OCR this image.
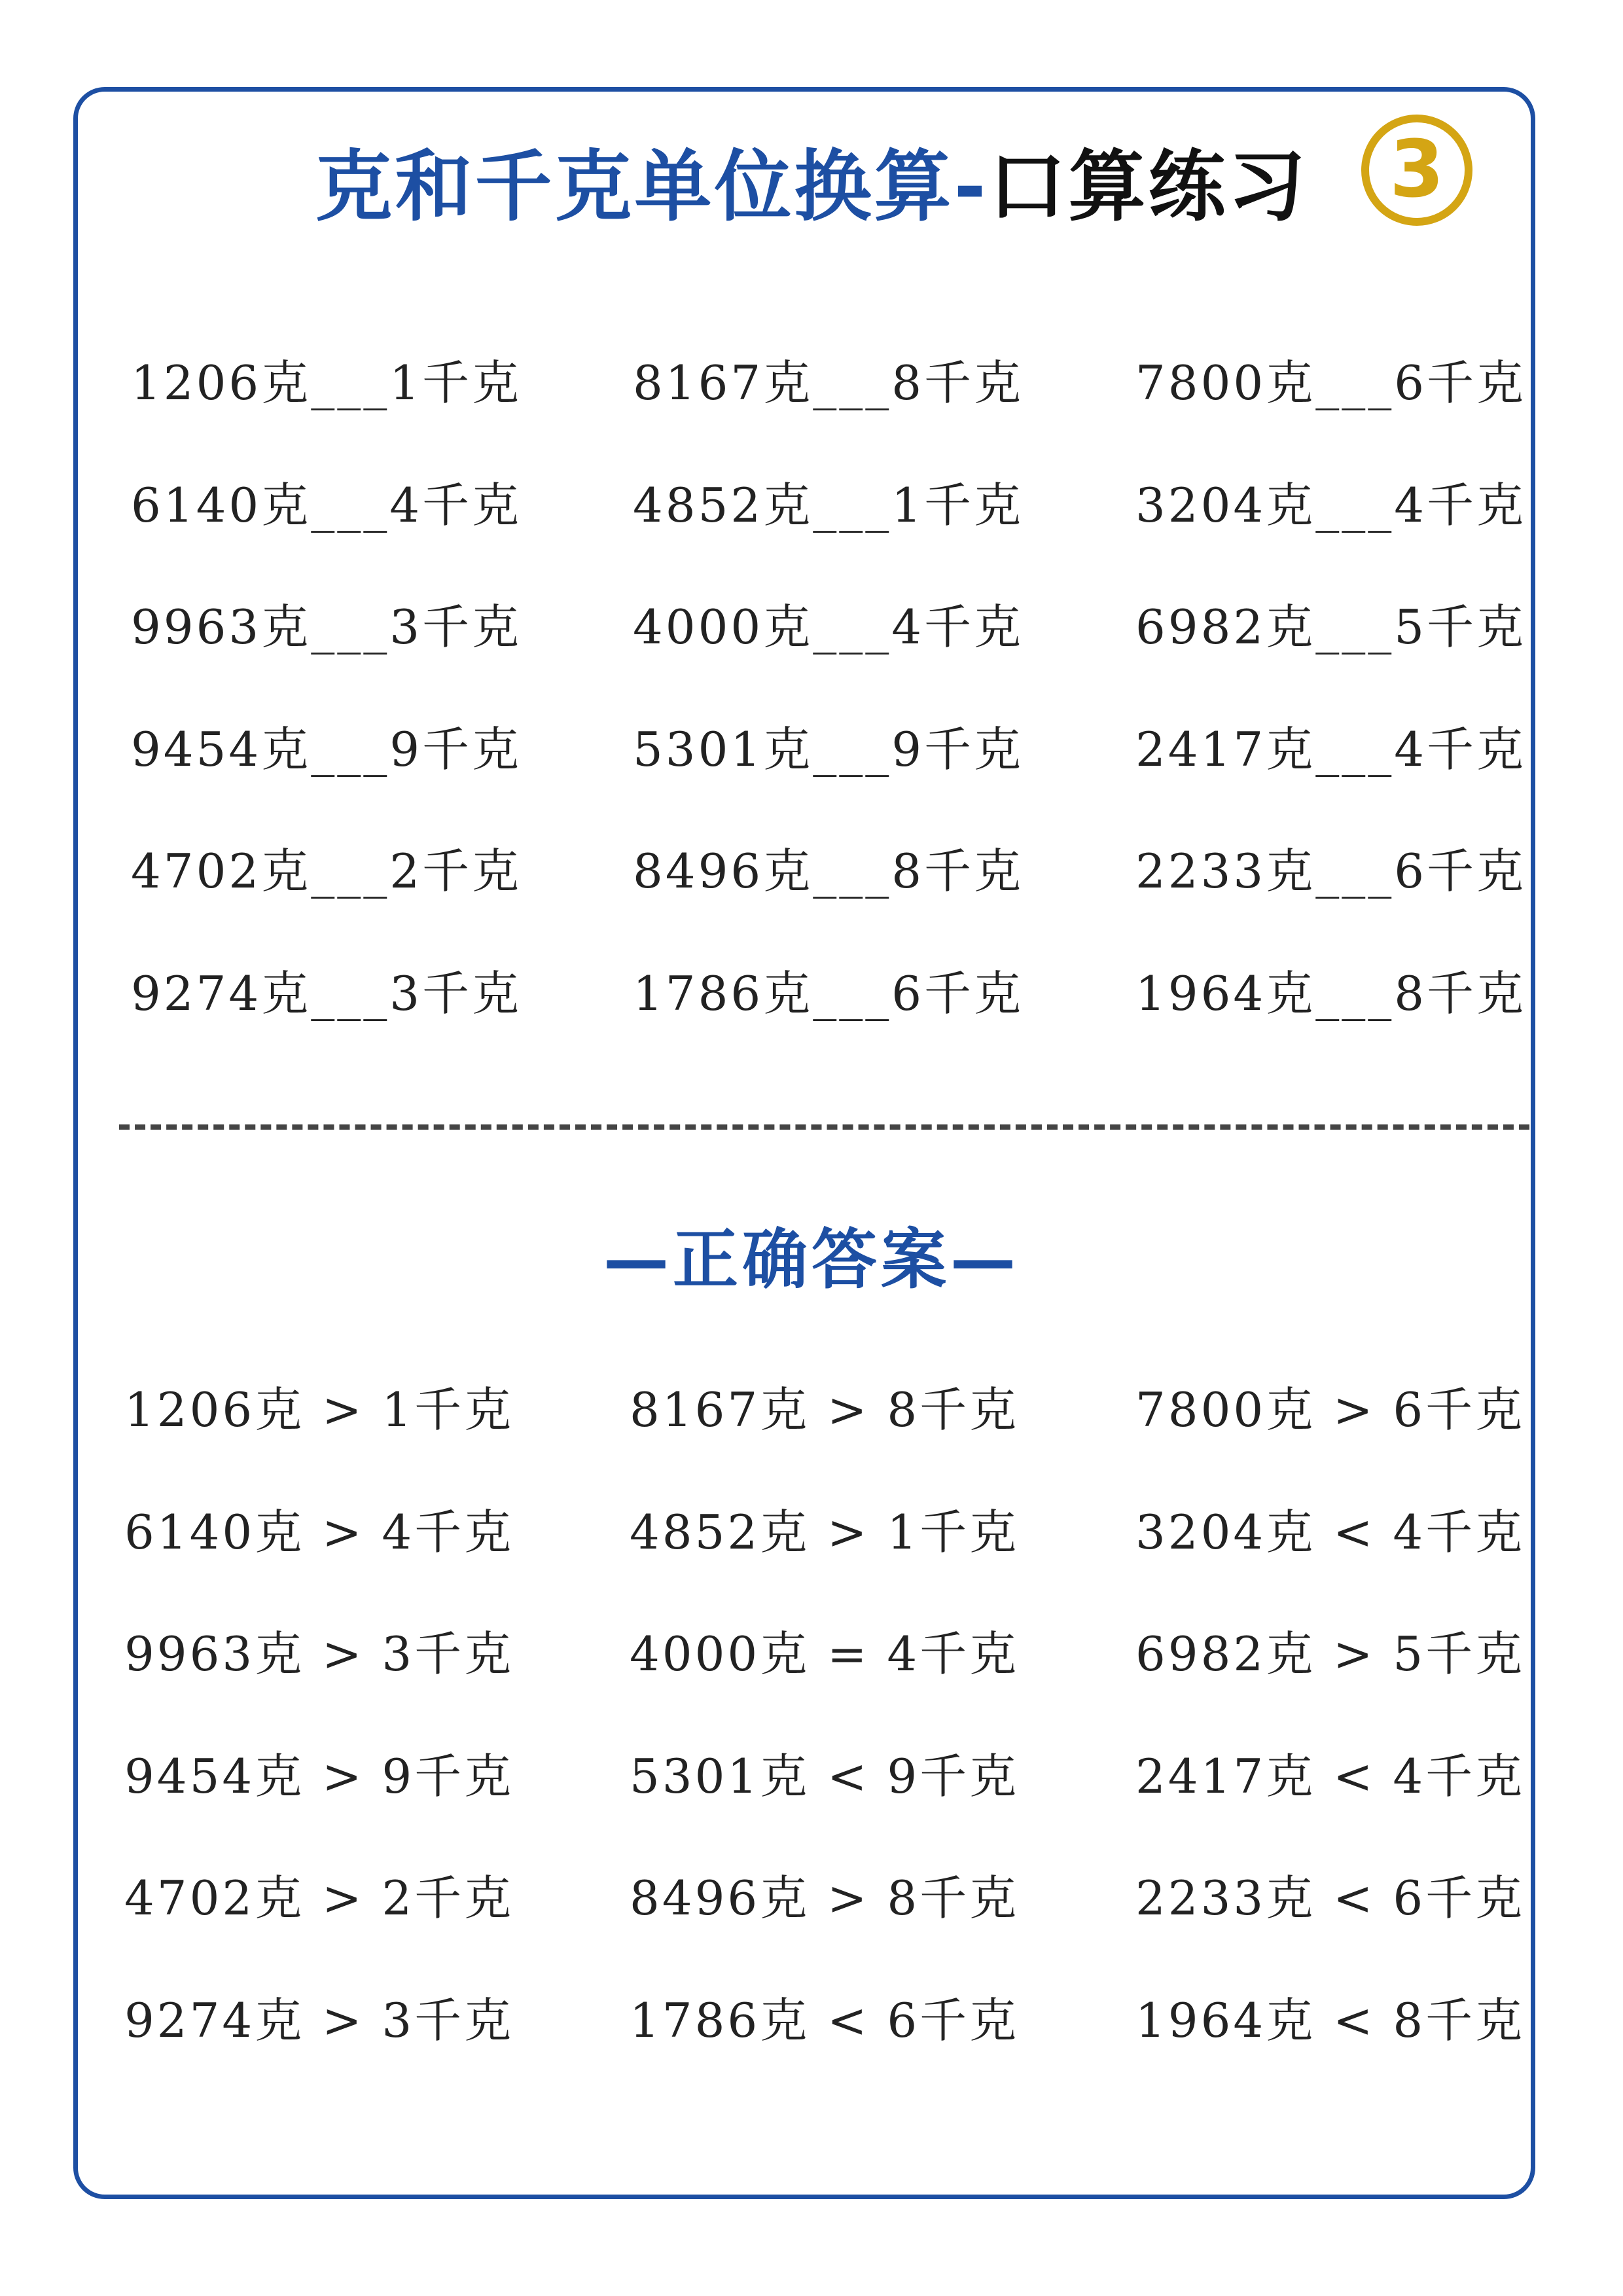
克和千克单位换算-口算练习	3
1206克___1千克 8167克___8千克 7800克___6千克
6140克___4千克 4852克___1千克 3204克___4千克
9963克___3千克 4000克___4千克 6982克___5千克
9454克___9千克 5301克___9千克 2417克___4千克
4702克___2千克 8496克___8千克 2233克___6千克
9274克___3千克 1786克___6千克 1964克___8千克
—正确答案—
1206克 > 1千克 8167克 > 8千克 7800克 > 6千克
6140克 > 4千克 4852克 > 1千克 3204克 < 4千克
9963克 > 3千克 4000克 = 4千克 6982克 > 5千克
9454克 > 9千克 5301克 < 9千克 2417克 < 4千克
4702克 > 2千克 8496克 > 8千克 2233克 < 6千克
9274克 > 3千克 1786克 < 6千克 1964克 < 8千克
